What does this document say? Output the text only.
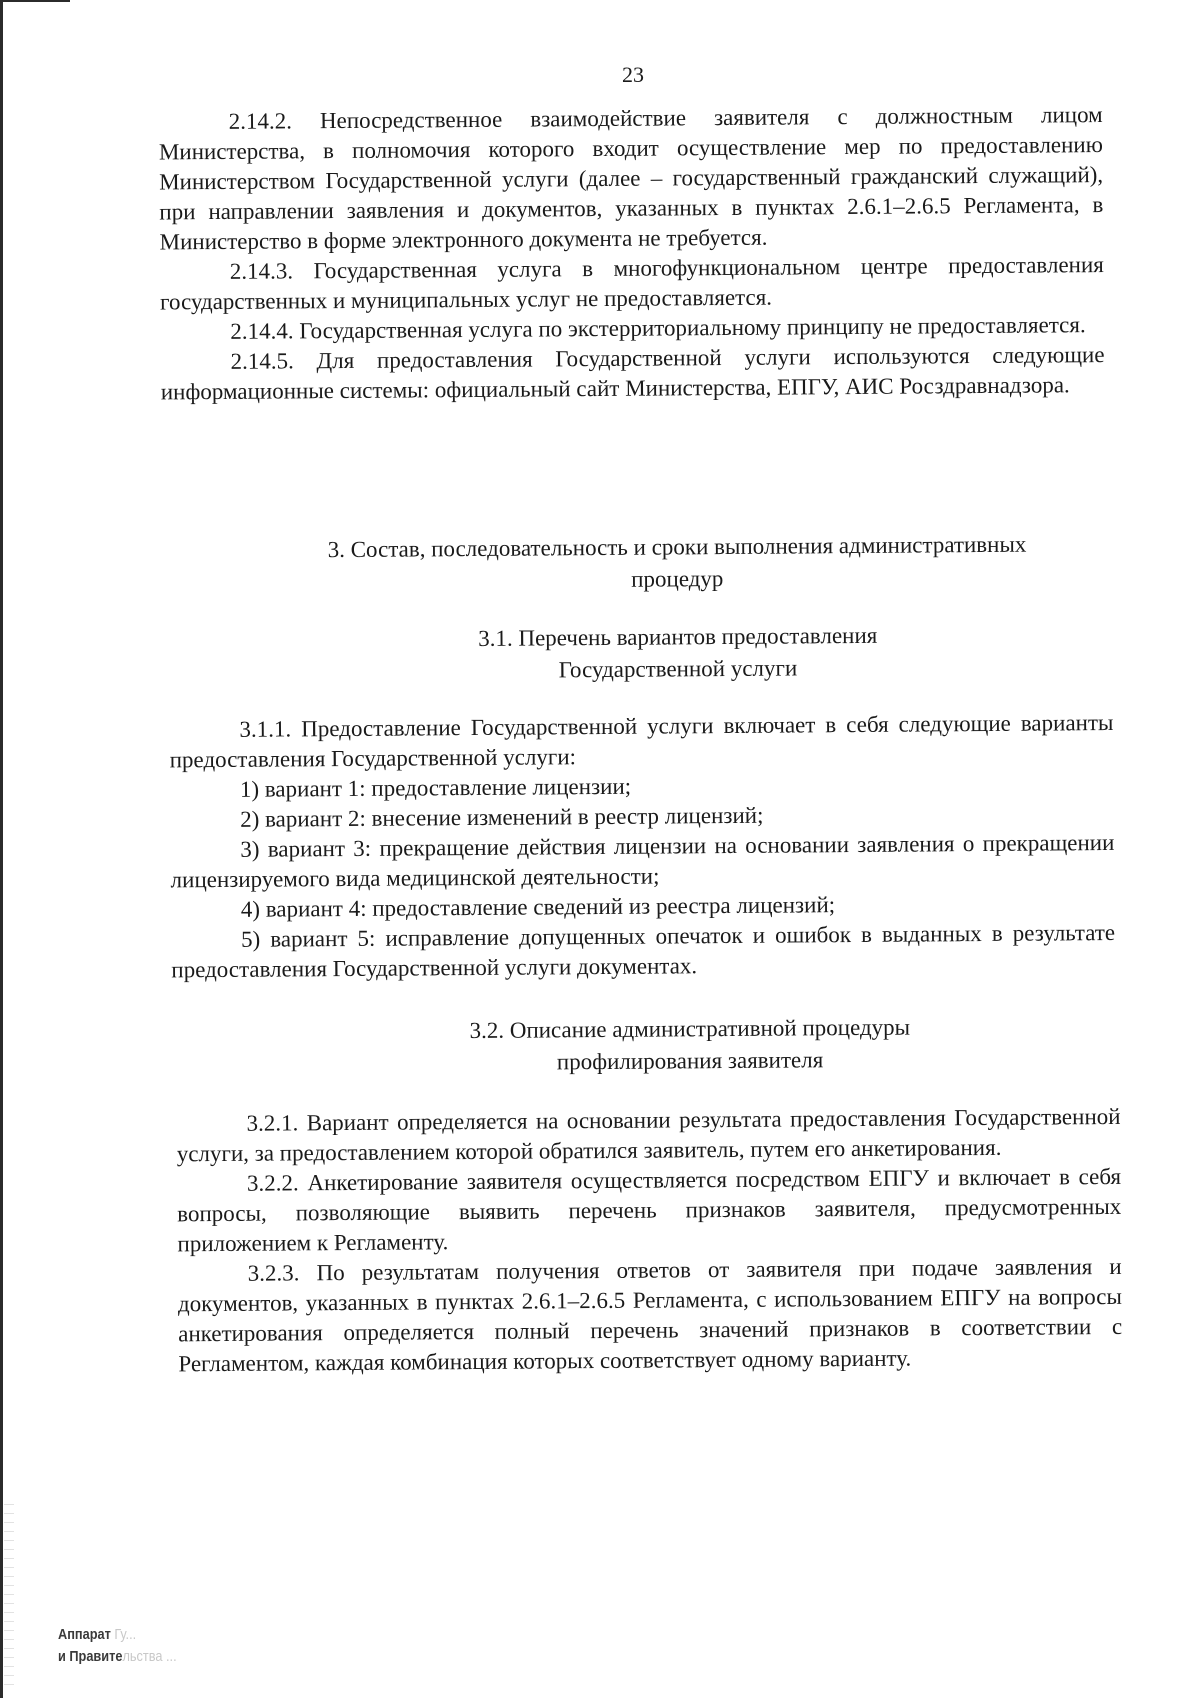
23

2.14.2. Непосредственное взаимодействие заявителя с должностным лицом Министерства, в полномочия которого входит осуществление мер по предоставлению Министерством Государственной услуги (далее – государственный гражданский служащий), при направлении заявления и документов, указанных в пунктах 2.6.1–2.6.5 Регламента, в Министерство в форме электронного документа не требуется.

2.14.3. Государственная услуга в многофункциональном центре предоставления государственных и муниципальных услуг не предоставляется.

2.14.4. Государственная услуга по экстерриториальному принципу не предоставляется.

2.14.5. Для предоставления Государственной услуги используются следующие информационные системы: официальный сайт Министерства, ЕПГУ, АИС Росздравнадзора.

3. Состав, последовательность и сроки выполнения административных
процедур
3.1. Перечень вариантов предоставления
Государственной услуги

3.1.1. Предоставление Государственной услуги включает в себя следующие варианты предоставления Государственной услуги:

1) вариант 1: предоставление лицензии;

2) вариант 2: внесение изменений в реестр лицензий;

3) вариант 3: прекращение действия лицензии на основании заявления о прекращении лицензируемого вида медицинской деятельности;

4) вариант 4: предоставление сведений из реестра лицензий;

5) вариант 5: исправление допущенных опечаток и ошибок в выданных в результате предоставления Государственной услуги документах.

3.2. Описание административной процедуры
профилирования заявителя

3.2.1. Вариант определяется на основании результата предоставления Государственной услуги, за предоставлением которой обратился заявитель, путем его анкетирования.

3.2.2. Анкетирование заявителя осуществляется посредством ЕПГУ и включает в себя вопросы, позволяющие выявить перечень признаков заявителя, предусмотренных приложением к Регламенту.

3.2.3. По результатам получения ответов от заявителя при подаче заявления и документов, указанных в пунктах 2.6.1–2.6.5 Регламента, с использованием ЕПГУ на вопросы анкетирования определяется полный перечень значений признаков в соответствии с Регламентом, каждая комбинация которых соответствует одному варианту.

Аппарат Гу...
и Правительства ...
